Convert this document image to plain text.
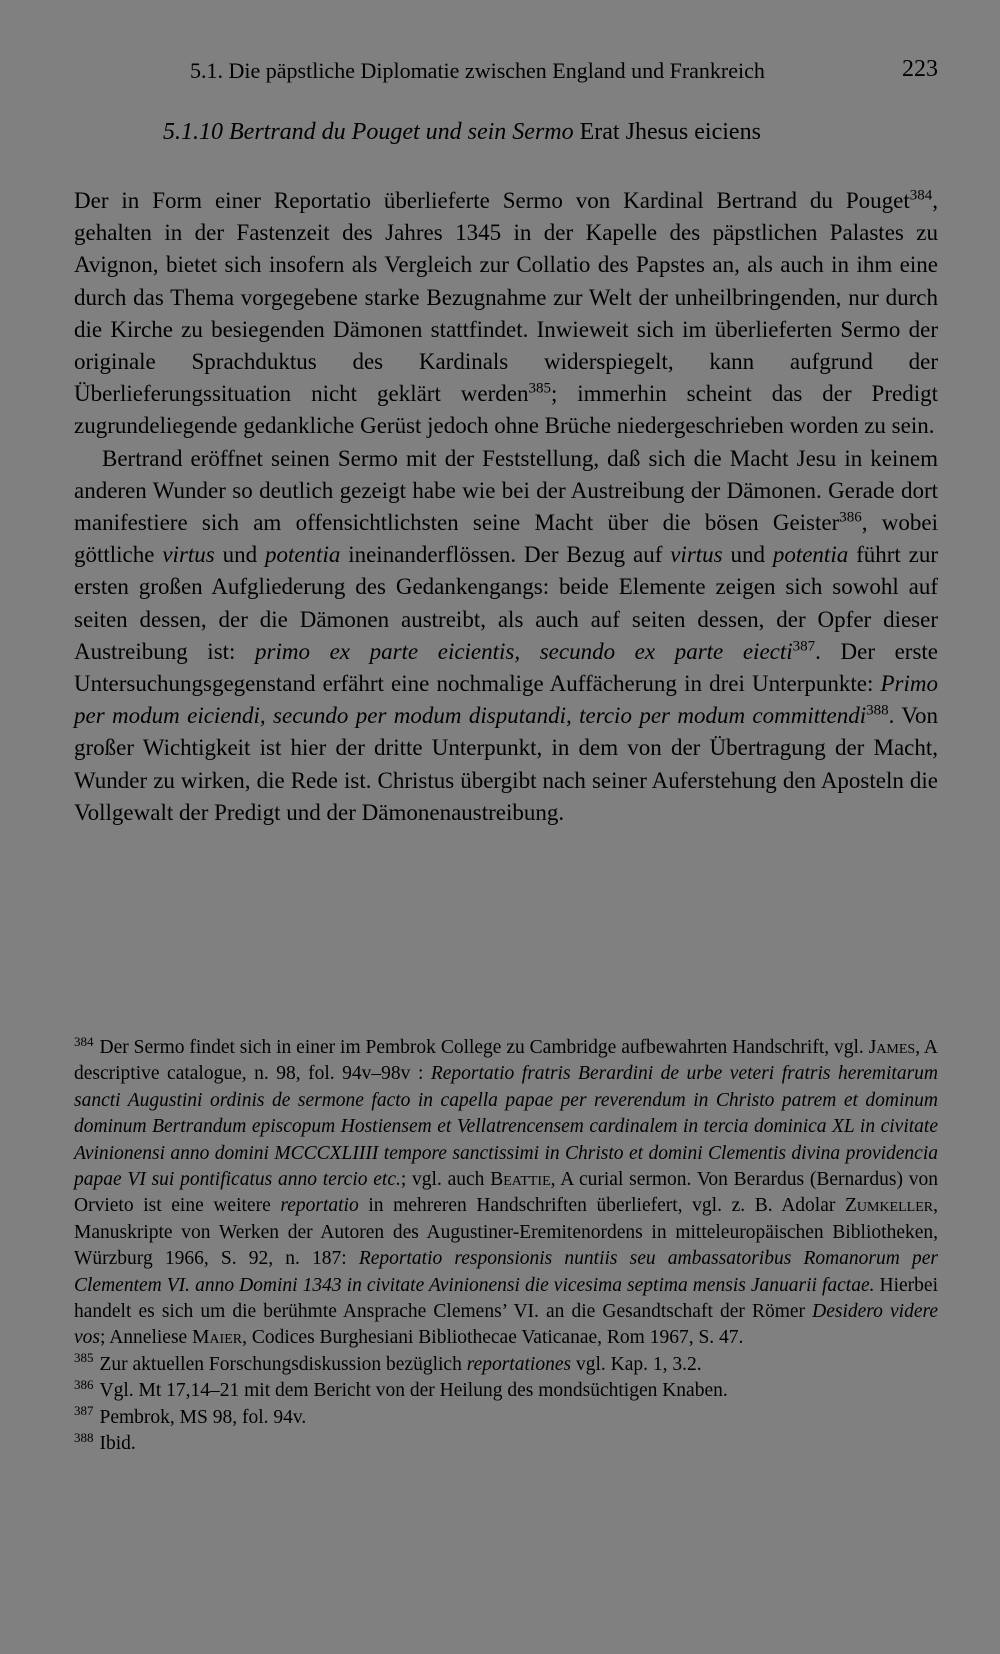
5.1. Die päpstliche Diplomatie zwischen England und Frankreich	223
5.1.10 Bertrand du Pouget und sein Sermo Erat Jhesus eiciens

Der in Form einer Reportatio überlieferte Sermo von Kardinal Bertrand du Pouget$^{384}$, gehalten in der Fastenzeit des Jahres 1345 in der Kapelle des päpstlichen Palastes zu Avignon, bietet sich insofern als Vergleich zur Collatio des Papstes an, als auch in ihm eine durch das Thema vorgegebene starke Bezugnahme zur Welt der unheilbringenden, nur durch die Kirche zu besiegenden Dämonen stattfindet. Inwieweit sich im überlieferten Sermo der originale Sprachduktus des Kardinals widerspiegelt, kann aufgrund der Überlieferungssituation nicht geklärt werden$^{385}$; immerhin scheint das der Predigt zugrundeliegende gedankliche Gerüst jedoch ohne Brüche niedergeschrieben worden zu sein.

Bertrand eröffnet seinen Sermo mit der Feststellung, daß sich die Macht Jesu in keinem anderen Wunder so deutlich gezeigt habe wie bei der Austreibung der Dämonen. Gerade dort manifestiere sich am offensichtlichsten seine Macht über die bösen Geister$^{386}$, wobei göttliche virtus und potentia ineinanderflössen. Der Bezug auf virtus und potentia führt zur ersten großen Aufgliederung des Gedankengangs: beide Elemente zeigen sich sowohl auf seiten dessen, der die Dämonen austreibt, als auch auf seiten dessen, der Opfer dieser Austreibung ist: primo ex parte eicientis, secundo ex parte eiecti$^{387}$. Der erste Untersuchungsgegenstand erfährt eine nochmalige Auffächerung in drei Unterpunkte: Primo per modum eiciendi, secundo per modum disputandi, tercio per modum committendi$^{388}$. Von großer Wichtigkeit ist hier der dritte Unterpunkt, in dem von der Übertragung der Macht, Wunder zu wirken, die Rede ist. Christus übergibt nach seiner Auferstehung den Aposteln die Vollgewalt der Predigt und der Dämonenaustreibung.

$^{384}$ Der Sermo findet sich in einer im Pembrok College zu Cambridge aufbewahrten Handschrift, vgl. James, A descriptive catalogue, n. 98, fol. 94v–98v : Reportatio fratris Berardini de urbe veteri fratris heremitarum sancti Augustini ordinis de sermone facto in capella papae per reverendum in Christo patrem et dominum dominum Bertrandum episcopum Hostiensem et Vellatrencensem cardinalem in tercia dominica XL in civitate Avinionensi anno domini MCCCXLIIII tempore sanctissimi in Christo et domini Clementis divina providencia papae VI sui pontificatus anno tercio etc.; vgl. auch Beattie, A curial sermon. Von Berardus (Bernardus) von Orvieto ist eine weitere reportatio in mehreren Handschriften überliefert, vgl. z. B. Adolar Zumkeller, Manuskripte von Werken der Autoren des Augustiner-Eremitenordens in mitteleuropäischen Bibliotheken, Würzburg 1966, S. 92, n. 187: Reportatio responsionis nuntiis seu ambassatoribus Romanorum per Clementem VI. anno Domini 1343 in civitate Avinionensi die vicesima septima mensis Januarii factae. Hierbei handelt es sich um die berühmte Ansprache Clemens’ VI. an die Gesandtschaft der Römer Desidero videre vos; Anneliese Maier, Codices Burghesiani Bibliothecae Vaticanae, Rom 1967, S. 47.

$^{385}$ Zur aktuellen Forschungsdiskussion bezüglich reportationes vgl. Kap. 1, 3.2.

$^{386}$ Vgl. Mt 17,14–21 mit dem Bericht von der Heilung des mondsüchtigen Knaben.

$^{387}$ Pembrok, MS 98, fol. 94v.

$^{388}$ Ibid.
